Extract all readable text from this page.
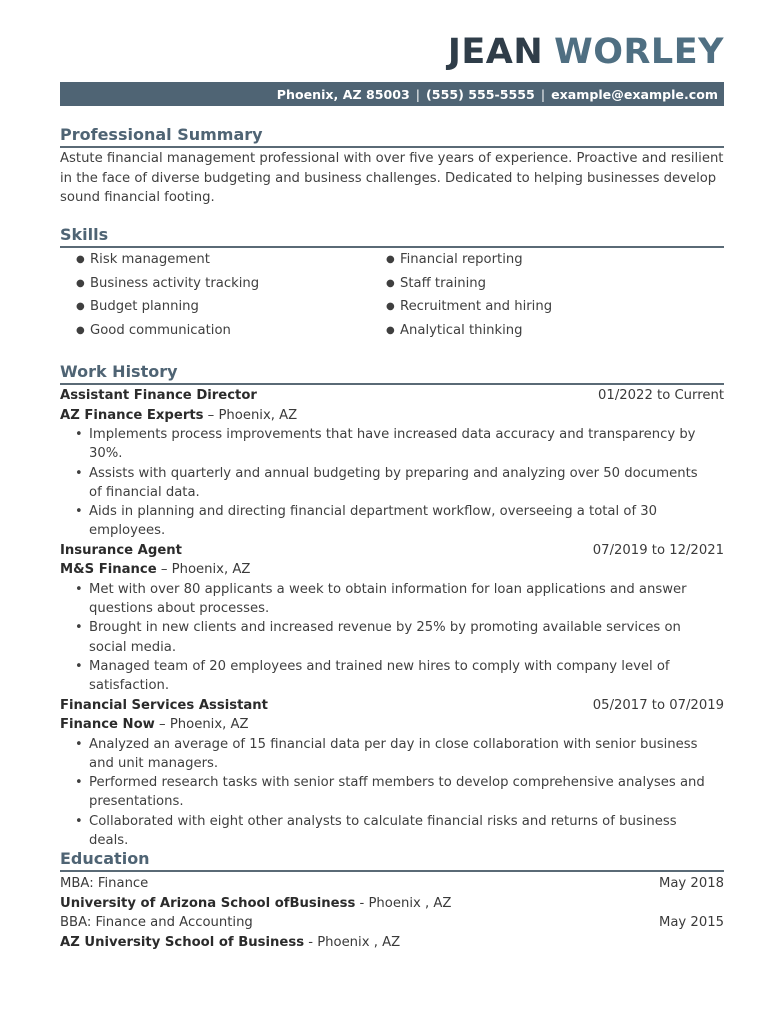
JEAN WORLEY
Phoenix, AZ 85003 | (555) 555-5555 | example@example.com
Professional Summary
Astute financial management professional with over five years of experience. Proactive and resilient in the face of diverse budgeting and business challenges. Dedicated to helping businesses develop sound financial footing.
Skills
● Risk management	● Financial reporting
● Business activity tracking	● Staff training
● Budget planning	● Recruitment and hiring
● Good communication	● Analytical thinking
Work History
Assistant Finance Director	01/2022 to Current
AZ Finance Experts – Phoenix, AZ
• Implements process improvements that have increased data accuracy and transparency by 30%.
• Assists with quarterly and annual budgeting by preparing and analyzing over 50 documents of financial data.
• Aids in planning and directing financial department workflow, overseeing a total of 30 employees.
Insurance Agent	07/2019 to 12/2021
M&S Finance – Phoenix, AZ
• Met with over 80 applicants a week to obtain information for loan applications and answer questions about processes.
• Brought in new clients and increased revenue by 25% by promoting available services on social media.
• Managed team of 20 employees and trained new hires to comply with company level of satisfaction.
Financial Services Assistant	05/2017 to 07/2019
Finance Now – Phoenix, AZ
• Analyzed an average of 15 financial data per day in close collaboration with senior business and unit managers.
• Performed research tasks with senior staff members to develop comprehensive analyses and presentations.
• Collaborated with eight other analysts to calculate financial risks and returns of business deals.
Education
MBA: Finance	May 2018
University of Arizona School ofBusiness - Phoenix , AZ
BBA: Finance and Accounting	May 2015
AZ University School of Business - Phoenix , AZ
